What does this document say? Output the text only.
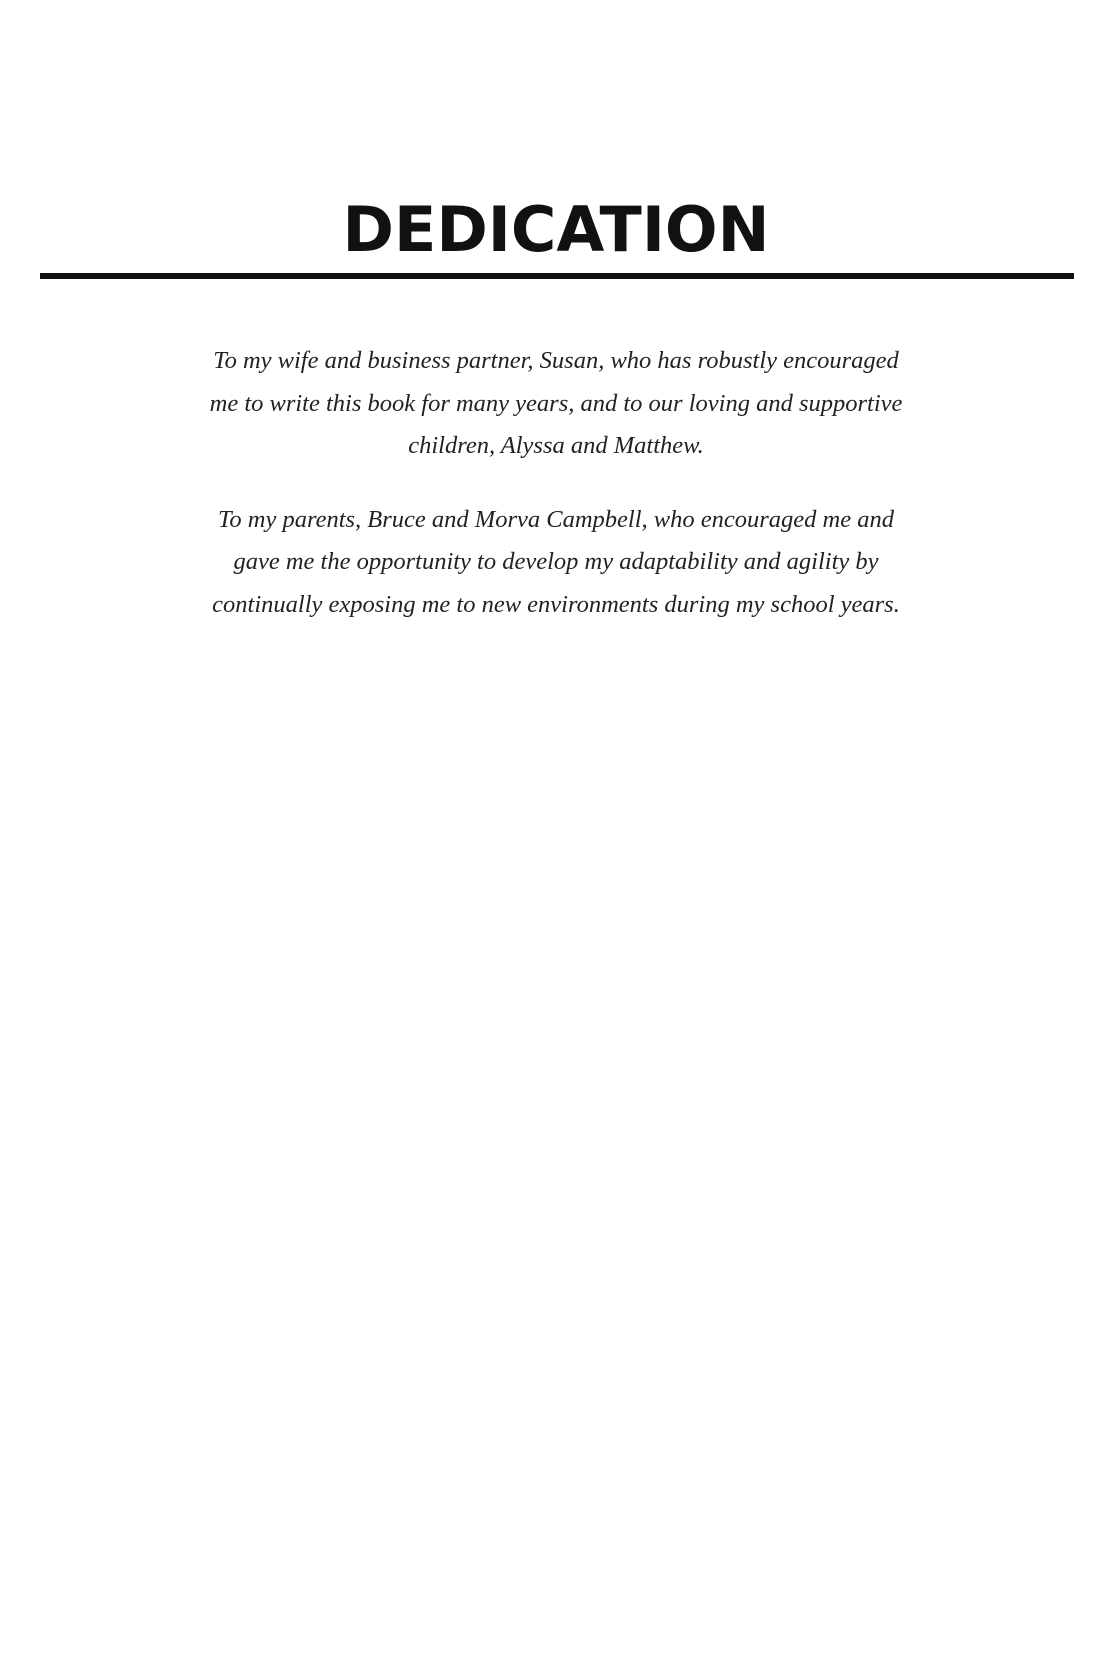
DEDICATION

To my wife and business partner, Susan, who has robustly encouraged
me to write this book for many years, and to our loving and supportive
children, Alyssa and Matthew.

To my parents, Bruce and Morva Campbell, who encouraged me and
gave me the opportunity to develop my adaptability and agility by
continually exposing me to new environments during my school years.
